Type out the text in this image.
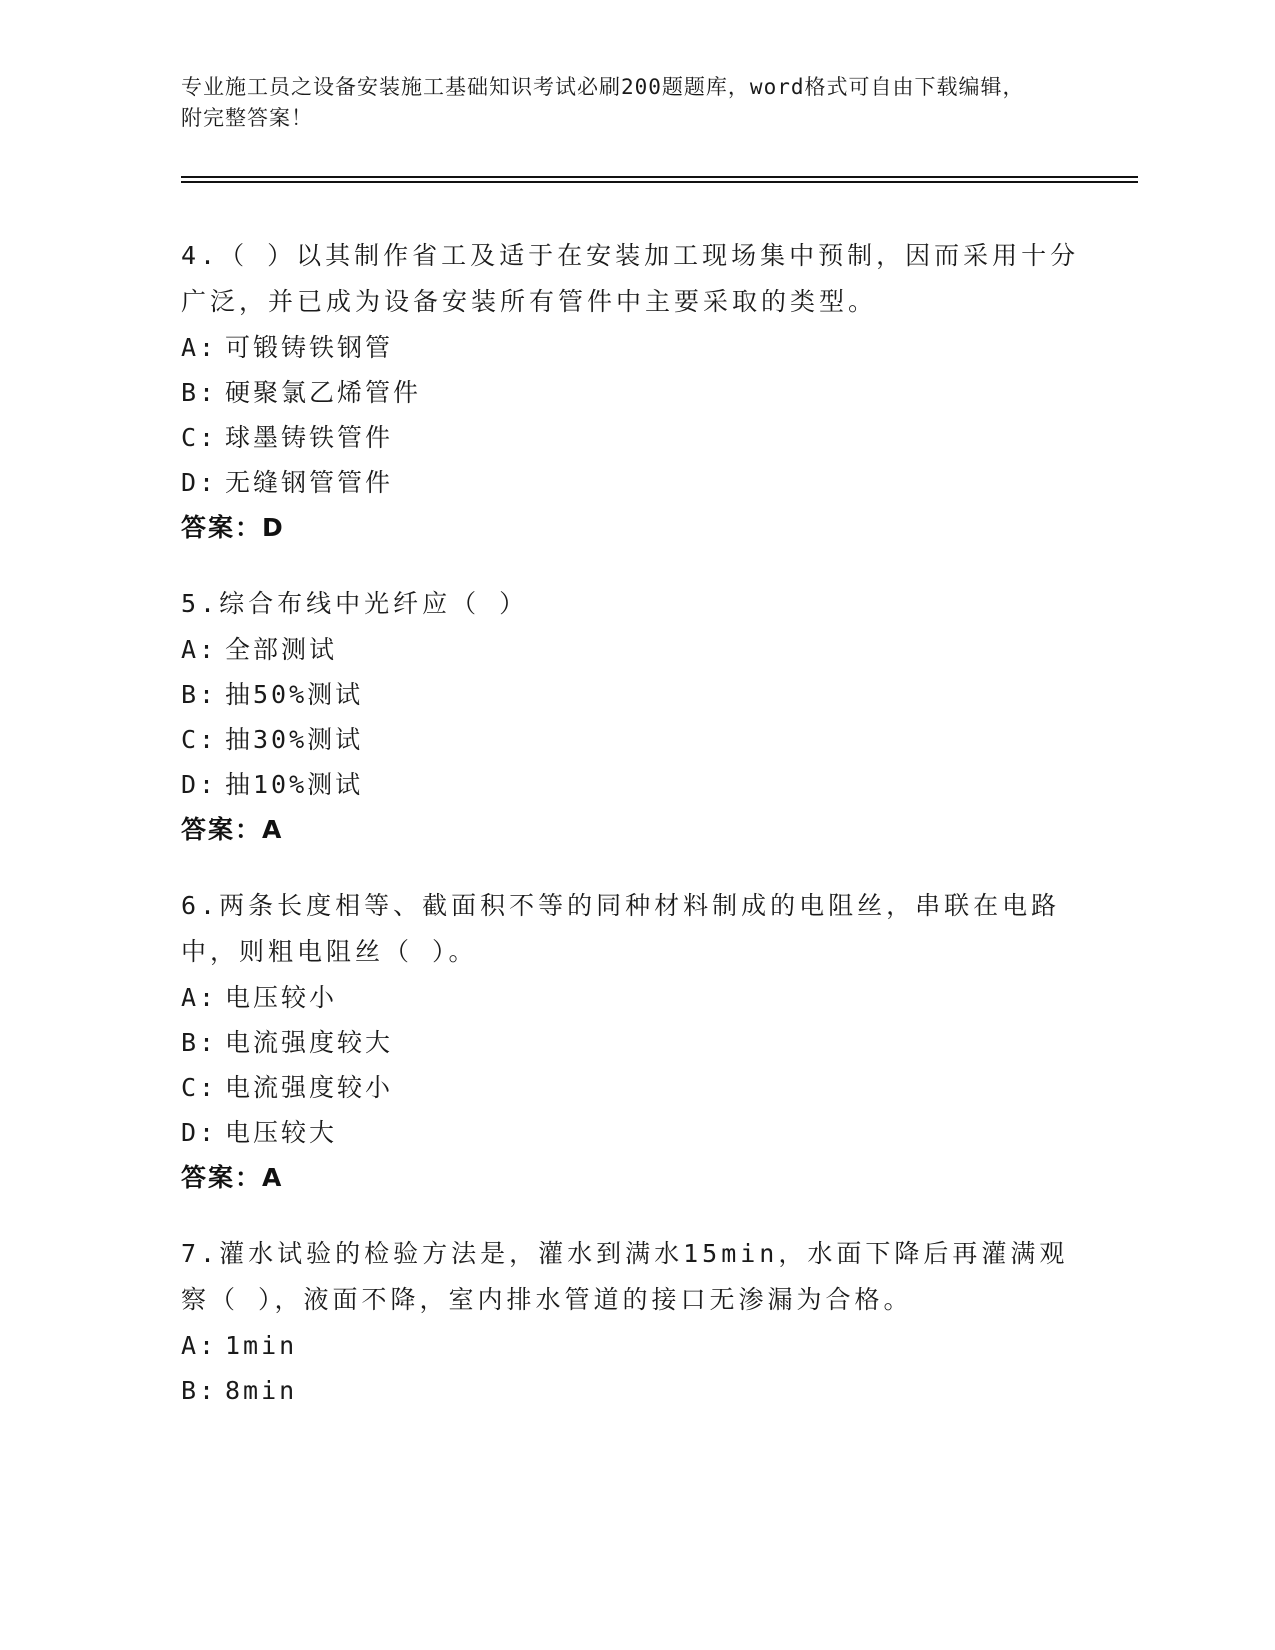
专业施工员之设备安装施工基础知识考试必刷200题题库，word格式可自由下载编辑，附完整答案！
4.（ ）以其制作省工及适于在安装加工现场集中预制，因而采用十分广泛，并已成为设备安装所有管件中主要采取的类型。
A: 可锻铸铁钢管
B: 硬聚氯乙烯管件
C: 球墨铸铁管件
D: 无缝钢管管件
答案：D
5.综合布线中光纤应（ ）
A: 全部测试
B: 抽50%测试
C: 抽30%测试
D: 抽10%测试
答案：A
6.两条长度相等、截面积不等的同种材料制成的电阻丝，串联在电路中，则粗电阻丝（ ）。
A: 电压较小
B: 电流强度较大
C: 电流强度较小
D: 电压较大
答案：A
7.灌水试验的检验方法是，灌水到满水15min，水面下降后再灌满观察（ ），液面不降，室内排水管道的接口无渗漏为合格。
A: 1min
B: 8min
